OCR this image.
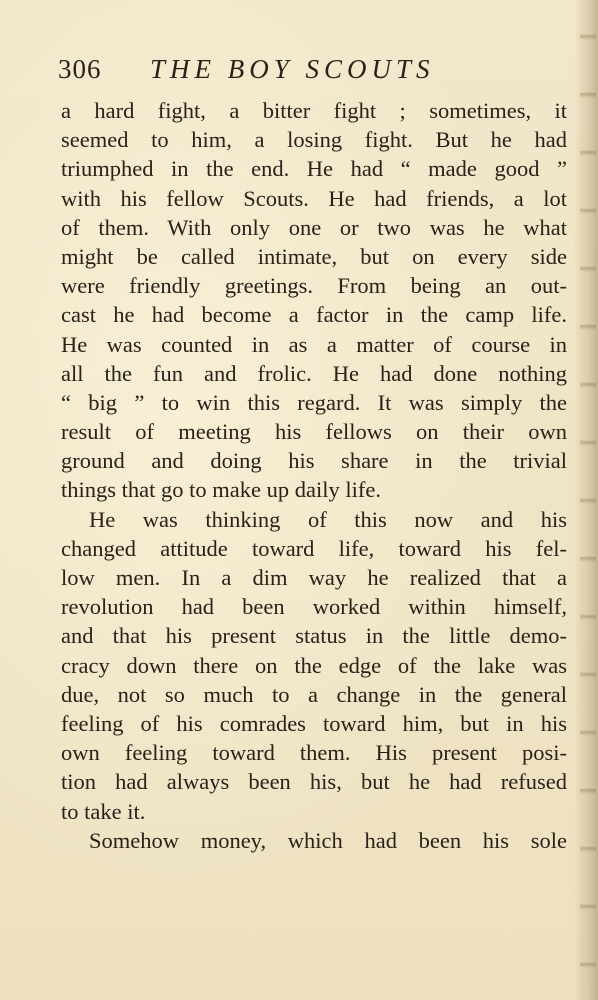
306 THE BOY SCOUTS
a hard fight, a bitter fight ; sometimes, it
seemed to him, a losing fight. But he had
triumphed in the end. He had “ made good ”
with his fellow Scouts. He had friends, a lot
of them. With only one or two was he what
might be called intimate, but on every side
were friendly greetings. From being an out-
cast he had become a factor in the camp life.
He was counted in as a matter of course in
all the fun and frolic. He had done nothing
“ big ” to win this regard. It was simply the
result of meeting his fellows on their own
ground and doing his share in the trivial
things that go to make up daily life.
He was thinking of this now and his
changed attitude toward life, toward his fel-
low men. In a dim way he realized that a
revolution had been worked within himself,
and that his present status in the little demo-
cracy down there on the edge of the lake was
due, not so much to a change in the general
feeling of his comrades toward him, but in his
own feeling toward them. His present posi-
tion had always been his, but he had refused
to take it.
Somehow money, which had been his sole
